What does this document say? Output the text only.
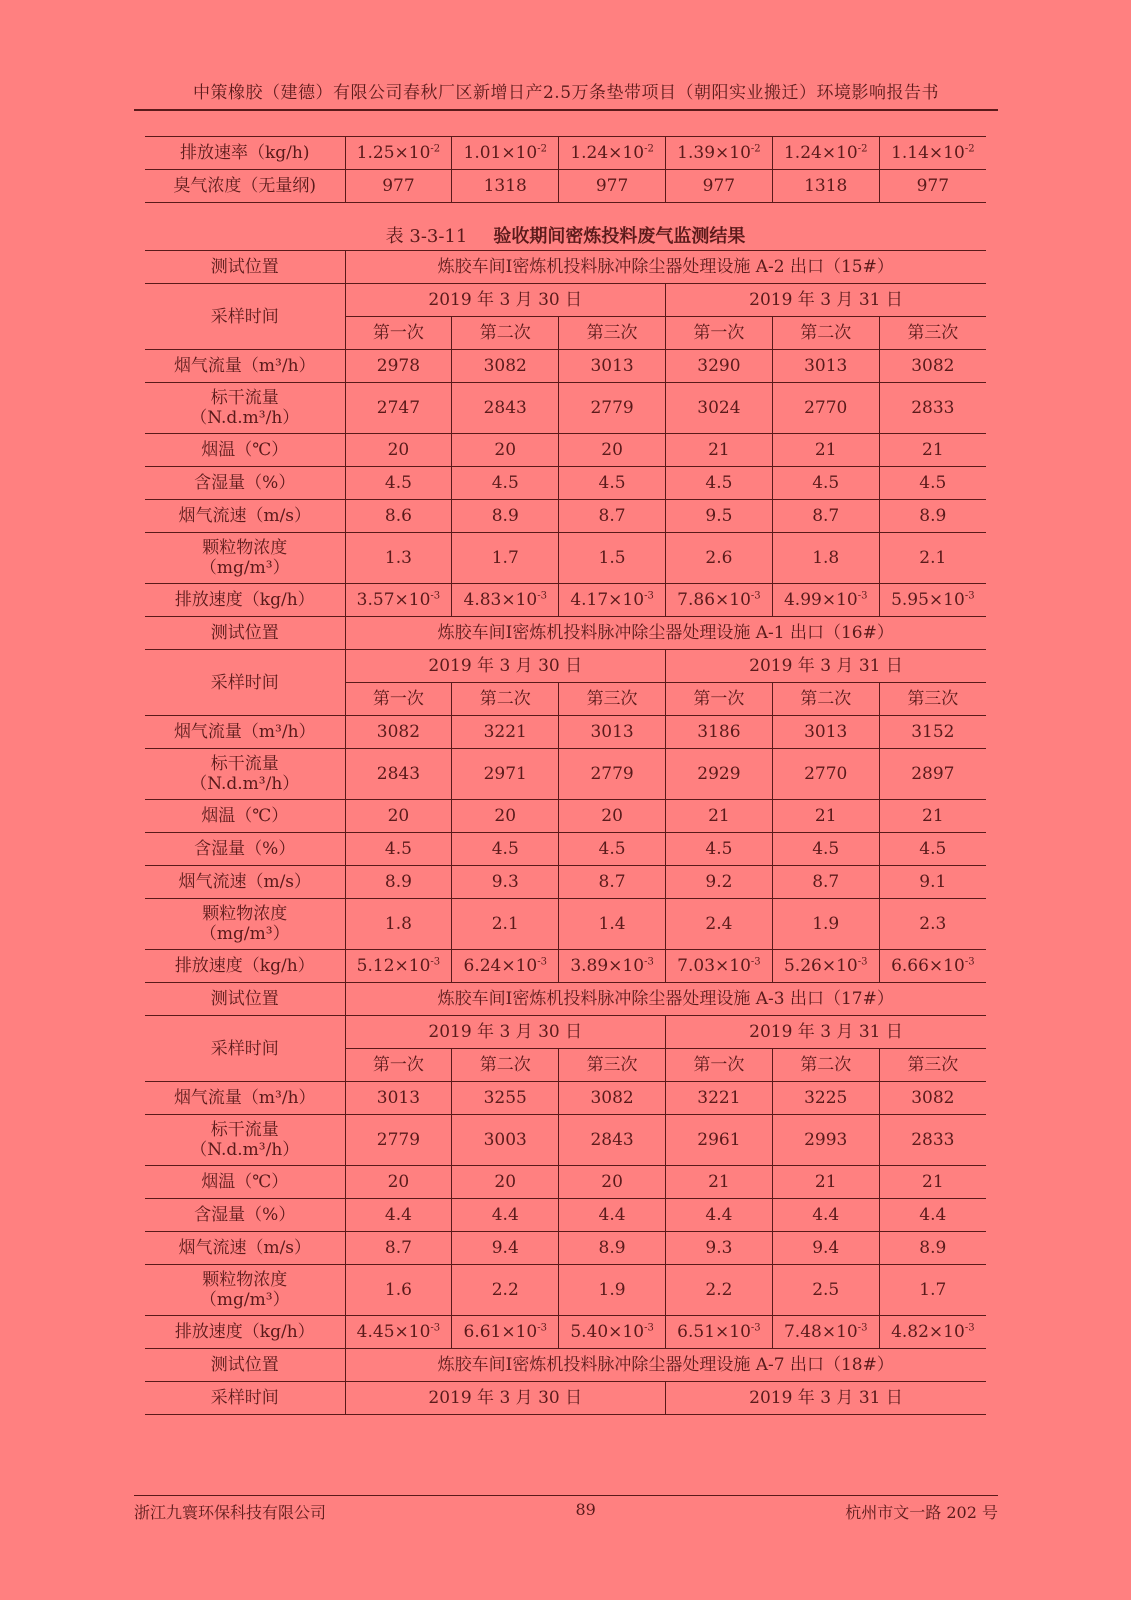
中策橡胶（建德）有限公司春秋厂区新增日产2.5万条垫带项目（朝阳实业搬迁）环境影响报告书
排放速率（kg/h)	$1.25\times 10^{-2}$	$1.01\times 10^{-2}$	$1.24\times 10^{-2}$	$1.39\times 10^{-2}$	$1.24\times 10^{-2}$	$1.14\times 10^{-2}$
臭气浓度（无量纲)	977	1318	977	977	1318	977
表 3-3-11 验收期间密炼投料废气监测结果
测试位置	炼胶车间I密炼机投料脉冲除尘器处理设施 A-2 出口（15#）					
采样时间	2019 年 3 月 30 日			2019 年 3 月 31 日		
	第一次	第二次	第三次	第一次	第二次	第三次
烟气流量（m³/h）	2978	3082	3013	3290	3013	3082
标干流量
（N.d.m³/h）	2747	2843	2779	3024	2770	2833
烟温（℃）	20	20	20	21	21	21
含湿量（%）	4.5	4.5	4.5	4.5	4.5	4.5
烟气流速（m/s）	8.6	8.9	8.7	9.5	8.7	8.9
颗粒物浓度
（mg/m³）	1.3	1.7	1.5	2.6	1.8	2.1
排放速度（kg/h）	$3.57\times 10^{-3}$	$4.83\times 10^{-3}$	$4.17\times 10^{-3}$	$7.86\times 10^{-3}$	$4.99\times 10^{-3}$	$5.95\times 10^{-3}$
测试位置	炼胶车间I密炼机投料脉冲除尘器处理设施 A-1 出口（16#）					
采样时间	2019 年 3 月 30 日			2019 年 3 月 31 日		
	第一次	第二次	第三次	第一次	第二次	第三次
烟气流量（m³/h）	3082	3221	3013	3186	3013	3152
标干流量
（N.d.m³/h）	2843	2971	2779	2929	2770	2897
烟温（℃）	20	20	20	21	21	21
含湿量（%）	4.5	4.5	4.5	4.5	4.5	4.5
烟气流速（m/s）	8.9	9.3	8.7	9.2	8.7	9.1
颗粒物浓度
（mg/m³）	1.8	2.1	1.4	2.4	1.9	2.3
排放速度（kg/h）	$5.12\times 10^{-3}$	$6.24\times 10^{-3}$	$3.89\times 10^{-3}$	$7.03\times 10^{-3}$	$5.26\times 10^{-3}$	$6.66\times 10^{-3}$
测试位置	炼胶车间I密炼机投料脉冲除尘器处理设施 A-3 出口（17#）					
采样时间	2019 年 3 月 30 日			2019 年 3 月 31 日		
	第一次	第二次	第三次	第一次	第二次	第三次
烟气流量（m³/h）	3013	3255	3082	3221	3225	3082
标干流量
（N.d.m³/h）	2779	3003	2843	2961	2993	2833
烟温（℃）	20	20	20	21	21	21
含湿量（%）	4.4	4.4	4.4	4.4	4.4	4.4
烟气流速（m/s）	8.7	9.4	8.9	9.3	9.4	8.9
颗粒物浓度
（mg/m³）	1.6	2.2	1.9	2.2	2.5	1.7
排放速度（kg/h）	$4.45\times 10^{-3}$	$6.61\times 10^{-3}$	$5.40\times 10^{-3}$	$6.51\times 10^{-3}$	$7.48\times 10^{-3}$	$4.82\times 10^{-3}$
测试位置	炼胶车间I密炼机投料脉冲除尘器处理设施 A-7 出口（18#）					
采样时间	2019 年 3 月 30 日			2019 年 3 月 31 日		
浙江九寰环保科技有限公司	89	杭州市文一路 202 号
